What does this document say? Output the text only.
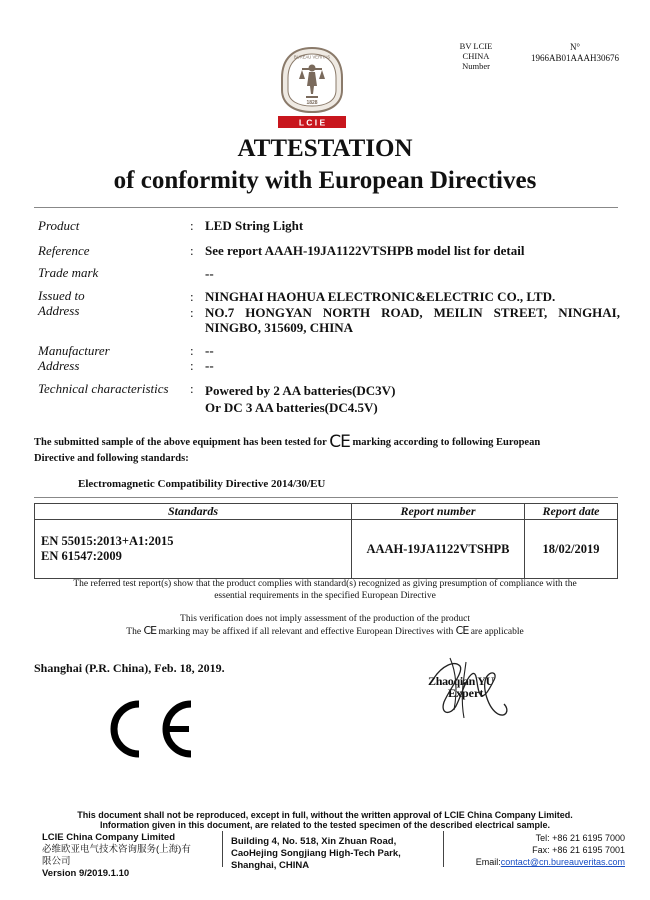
BV LCIE
CHINA
Number
N°
1966AB01AAAH30676
BUREAU VERITAS
1828
L C I E
ATTESTATION
of conformity with European Directives
Product	: LED String Light
Reference	: See report AAAH-19JA1122VTSHPB model list for detail
Trade mark	--
Issued to	: NINGHAI HAOHUA ELECTRONIC&ELECTRIC CO., LTD.
Address	: NO.7 HONGYAN NORTH ROAD, MEILIN STREET, NINGHAI,
NINGBO, 315609, CHINA
Manufacturer	: --
Address	: --
Technical characteristics : Powered by 2 AA batteries(DC3V)
Or DC 3 AA batteries(DC4.5V)
The submitted sample of the above equipment has been tested for CE marking according to following European
Directive and following standards:
Electromagnetic Compatibility Directive 2014/30/EU
Standards	Report number	Report date

EN 55015:2013+A1:2015
EN 61547:2009	AAAH-19JA1122VTSHPB	18/02/2019
The referred test report(s) show that the product complies with standard(s) recognized as giving presumption of compliance with the
essential requirements in the specified European Directive
This verification does not imply assessment of the production of the product
The CE marking may be affixed if all relevant and effective European Directives with CE are applicable
Shanghai (P.R. China), Feb. 18, 2019.
Zhaoqian YU
Expert
This document shall not be reproduced, except in full, without the written approval of LCIE China Company Limited.
Information given in this document, are related to the tested specimen of the described electrical sample.
LCIE China Company Limited
必维欧亚电气技术咨询服务(上海)有
限公司
Version 9/2019.1.10
Building 4, No. 518, Xin Zhuan Road,
CaoHejing Songjiang High-Tech Park,
Shanghai, CHINA
Tel: +86 21 6195 7000
Fax: +86 21 6195 7001
Email:contact@cn.bureauveritas.com
